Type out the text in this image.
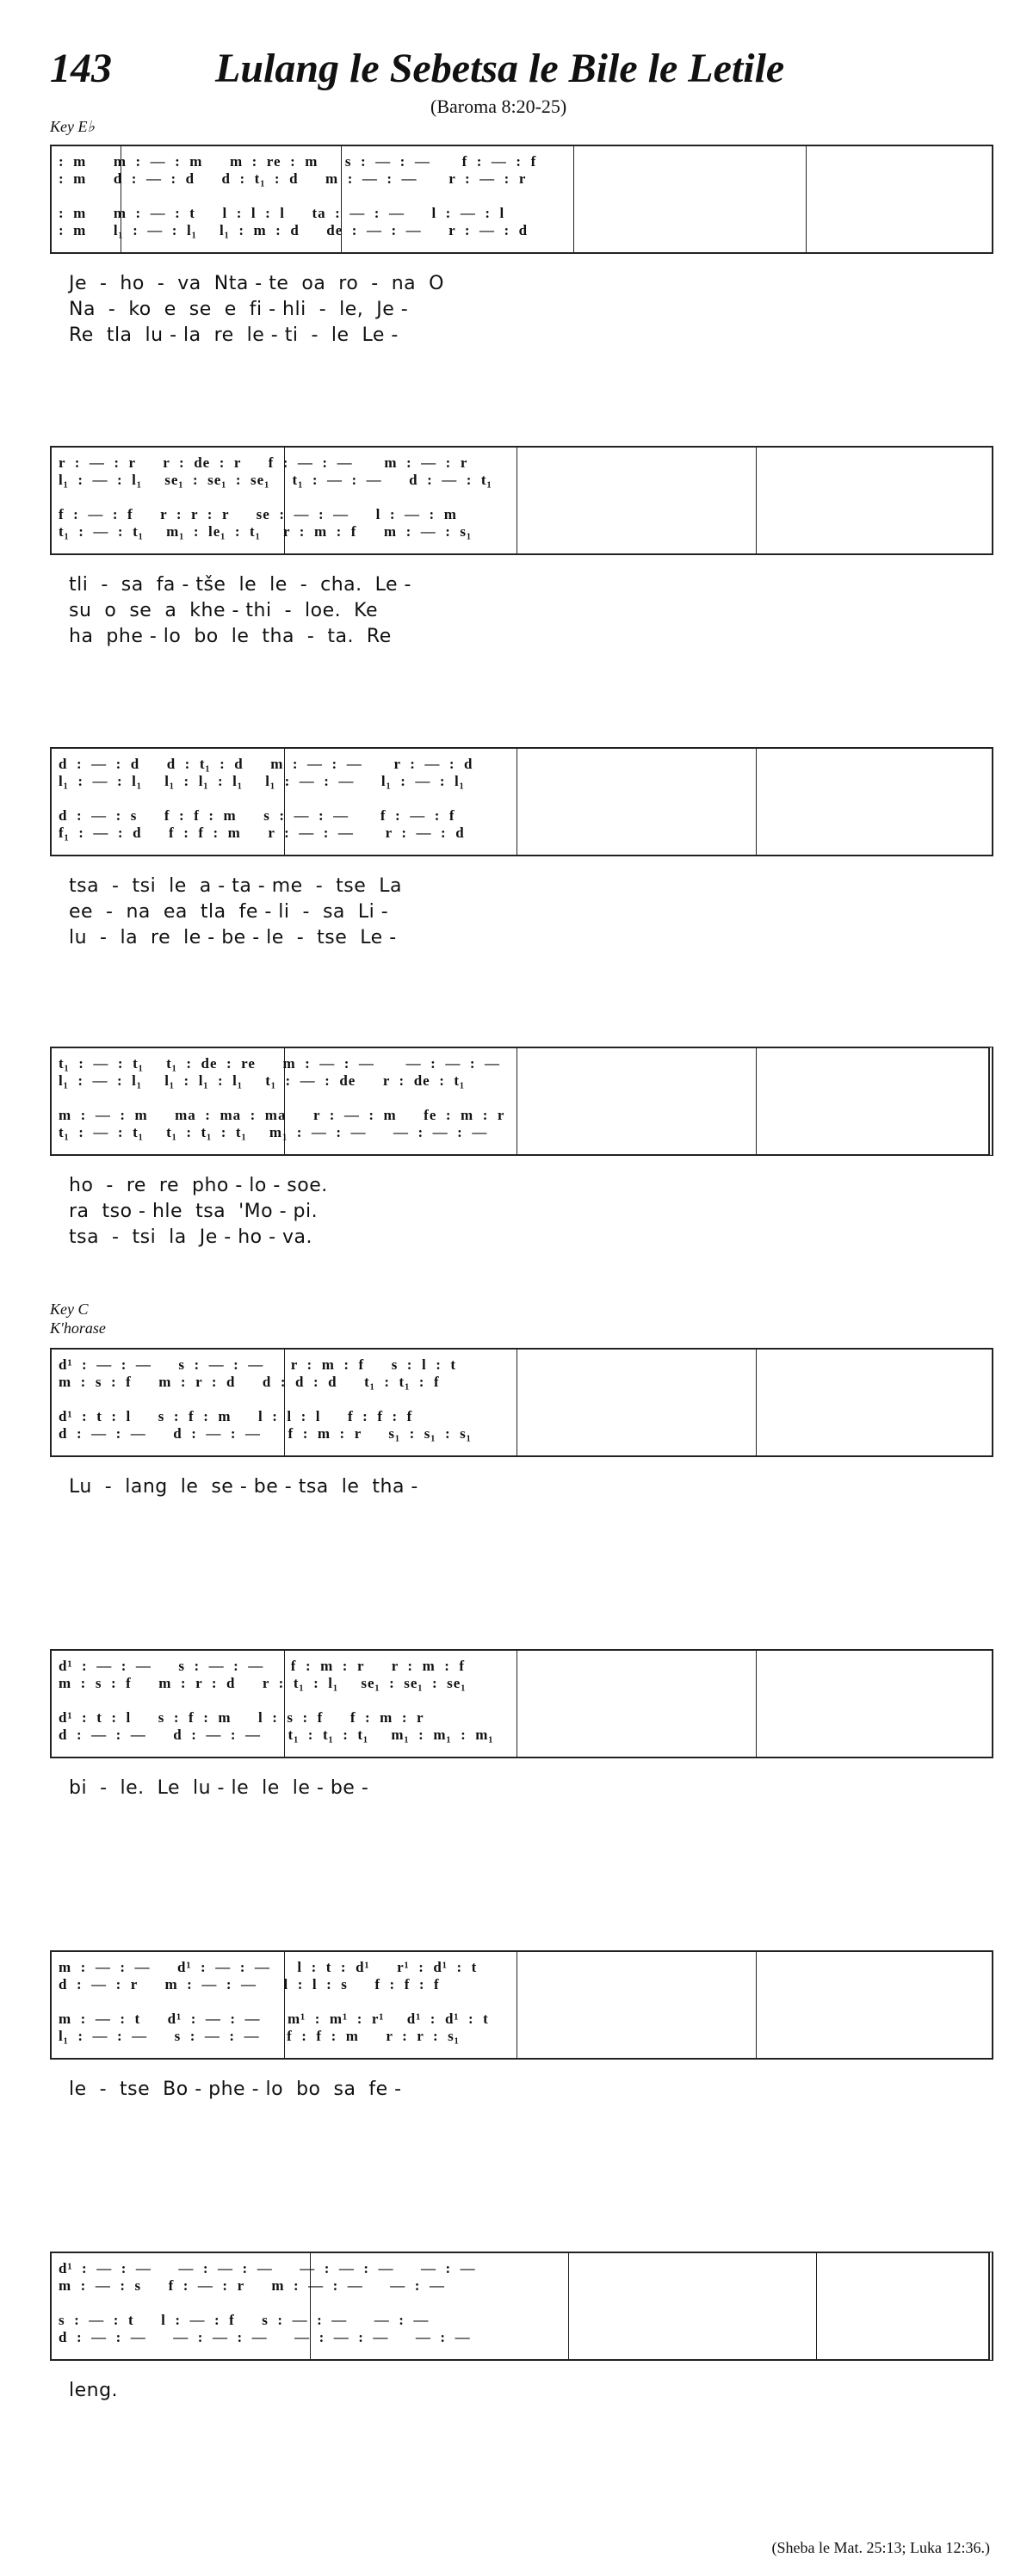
143	Lulang le Sebetsa le Bile le Letile
(Baroma 8:20-25)
Key E♭
Key C
K'horase
:  m      m  :  —  :  m      m  :  re  :  m      s  :  —  :  —       f  :  —  :  f
:  m      d  :  —  :  d      d  :  t₁  :  d      m  :  —  :  —       r  :  —  :  r
:  m      m  :  —  :  t      l  :  l  :  l      ta  :  —  :  —      l  :  —  :  l
:  m      l₁  :  —  :  l₁     l₁  :  m  :  d      de  :  —  :  —      r  :  —  :  d
Je  -  ho  -  va  Nta - te  oa  ro  -  na  O
Na  -  ko  e  se  e  fi - hli  -  le,  Je -
Re  tla  lu - la  re  le - ti  -  le  Le -
r  :  —  :  r      r  :  de  :  r      f  :  —  :  —       m  :  —  :  r
l₁  :  —  :  l₁     se₁  :  se₁  :  se₁     t₁  :  —  :  —      d  :  —  :  t₁
f  :  —  :  f      r  :  r  :  r      se  :  —  :  —      l  :  —  :  m
t₁  :  —  :  t₁     m₁  :  le₁  :  t₁     r  :  m  :  f      m  :  —  :  s₁
tli  -  sa  fa - tše  le  le  -  cha.  Le -
su  o  se  a  khe - thi  -  loe.  Ke
ha  phe - lo  bo  le  tha  -  ta.  Re
d  :  —  :  d      d  :  t₁  :  d      m  :  —  :  —       r  :  —  :  d
l₁  :  —  :  l₁     l₁  :  l₁  :  l₁     l₁  :  —  :  —      l₁  :  —  :  l₁
d  :  —  :  s      f  :  f  :  m      s  :  —  :  —       f  :  —  :  f
f₁  :  —  :  d      f  :  f  :  m      r  :  —  :  —       r  :  —  :  d
tsa  -  tsi  le  a - ta - me  -  tse  La
ee  -  na  ea  tla  fe - li  -  sa  Li -
lu  -  la  re  le - be - le  -  tse  Le -
t₁  :  —  :  t₁     t₁  :  de  :  re      m  :  —  :  —       —  :  —  :  —
l₁  :  —  :  l₁     l₁  :  l₁  :  l₁     t₁  :  —  :  de      r  :  de  :  t₁
m  :  —  :  m      ma  :  ma  :  ma      r  :  —  :  m      fe  :  m  :  r
t₁  :  —  :  t₁     t₁  :  t₁  :  t₁     m₁  :  —  :  —      —  :  —  :  —
ho  -  re  re  pho - lo - soe.
ra  tso - hle  tsa  'Mo - pi.
tsa  -  tsi  la  Je - ho - va.
d¹  :  —  :  —      s  :  —  :  —      r  :  m  :  f      s  :  l  :  t
m  :  s  :  f      m  :  r  :  d      d  :  d  :  d      t₁  :  t₁  :  f
d¹  :  t  :  l      s  :  f  :  m      l  :  l  :  l      f  :  f  :  f
d  :  —  :  —      d  :  —  :  —      f  :  m  :  r      s₁  :  s₁  :  s₁
Lu  -  lang  le  se - be - tsa  le  tha -
d¹  :  —  :  —      s  :  —  :  —      f  :  m  :  r      r  :  m  :  f
m  :  s  :  f      m  :  r  :  d      r  :  t₁  :  l₁     se₁  :  se₁  :  se₁
d¹  :  t  :  l      s  :  f  :  m      l  :  s  :  f      f  :  m  :  r
d  :  —  :  —      d  :  —  :  —      t₁  :  t₁  :  t₁     m₁  :  m₁  :  m₁
bi  -  le.  Le  lu - le  le  le - be -
m  :  —  :  —      d¹  :  —  :  —      l  :  t  :  d¹      r¹  :  d¹  :  t
d  :  —  :  r      m  :  —  :  —      l  :  l  :  s      f  :  f  :  f
m  :  —  :  t      d¹  :  —  :  —      m¹  :  m¹  :  r¹     d¹  :  d¹  :  t
l₁  :  —  :  —      s  :  —  :  —      f  :  f  :  m      r  :  r  :  s₁
le  -  tse  Bo - phe - lo  bo  sa  fe -
d¹  :  —  :  —      —  :  —  :  —      —  :  —  :  —      —  :  —
m  :  —  :  s      f  :  —  :  r      m  :  —  :  —      —  :  —
s  :  —  :  t      l  :  —  :  f      s  :  —  :  —      —  :  —
d  :  —  :  —      —  :  —  :  —      —  :  —  :  —      —  :  —
leng.
(Sheba le Mat. 25:13; Luka 12:36.)
